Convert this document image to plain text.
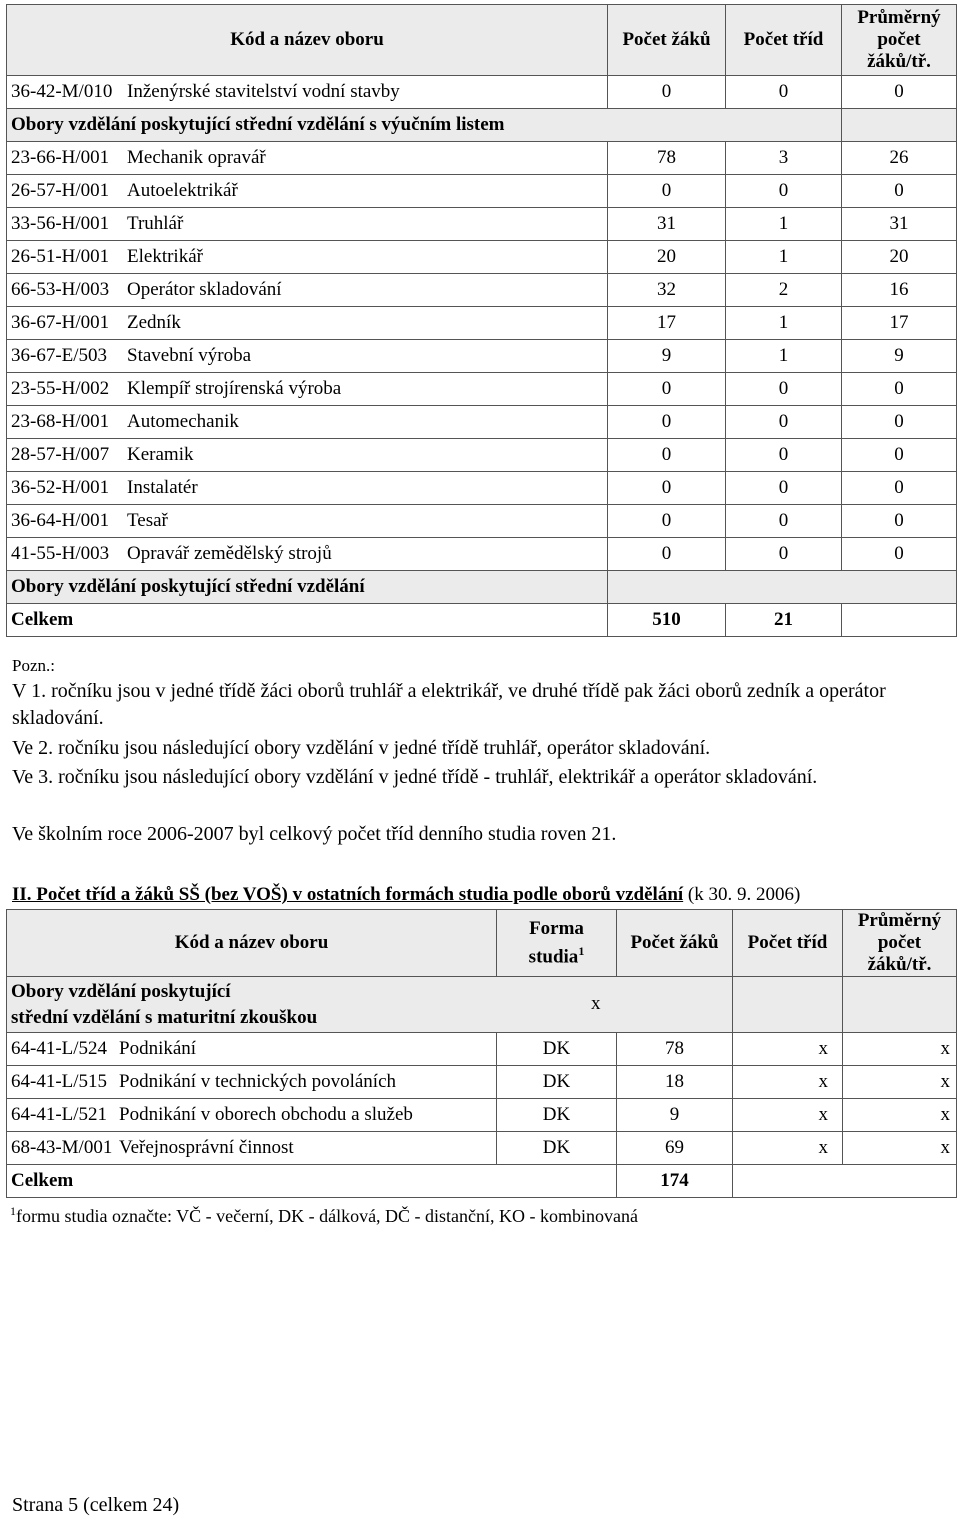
Kód a název oboru	Počet žáků	Počet tříd	Průměrný počet žáků/tř.
36-42-M/010 Inženýrské stavitelství vodní stavby	0	0	0
Obory vzdělání poskytující střední vzdělání s výučním listem			
23-66-H/001 Mechanik opravář	78	3	26
26-57-H/001 Autoelektrikář	0	0	0
33-56-H/001 Truhlář	31	1	31
26-51-H/001 Elektrikář	20	1	20
66-53-H/003 Operátor skladování	32	2	16
36-67-H/001 Zedník	17	1	17
36-67-E/503 Stavební výroba	9	1	9
23-55-H/002 Klempíř strojírenská výroba	0	0	0
23-68-H/001 Automechanik	0	0	0
28-57-H/007 Keramik	0	0	0
36-52-H/001 Instalatér	0	0	0
36-64-H/001 Tesař	0	0	0
41-55-H/003 Opravář zemědělský strojů	0	0	0
Obory vzdělání poskytující střední vzdělání			
Celkem	510	21	
Pozn.:
V 1. ročníku jsou v jedné třídě žáci oborů truhlář a elektrikář, ve druhé třídě pak žáci oborů zedník a operátor skladování.
Ve 2. ročníku jsou následující obory vzdělání v jedné třídě truhlář, operátor skladování.
Ve 3. ročníku jsou následující obory vzdělání v jedné třídě - truhlář, elektrikář a operátor skladování.
Ve školním roce 2006-2007 byl celkový počet tříd denního studia roven 21.
II. Počet tříd a žáků SŠ (bez VOŠ) v ostatních formách studia podle oborů vzdělání (k 30. 9. 2006)
Kód a název oboru	Forma studia$^1$	Počet žáků	Počet tříd	Průměrný počet žáků/tř.

Obory vzdělání poskytující
střední vzdělání s maturitní zkouškou
x				

64-41-L/524 Podnikání	DK	78	x	x
64-41-L/515 Podnikání v technických povoláních	DK	18	x	x
64-41-L/521 Podnikání v oborech obchodu a služeb	DK	9	x	x
68-43-M/001 Veřejnosprávní činnost	DK	69	x	x
Celkem		174		
$^1$formu studia označte: VČ - večerní, DK - dálková, DČ - distanční, KO - kombinovaná
Strana 5 (celkem 24)
